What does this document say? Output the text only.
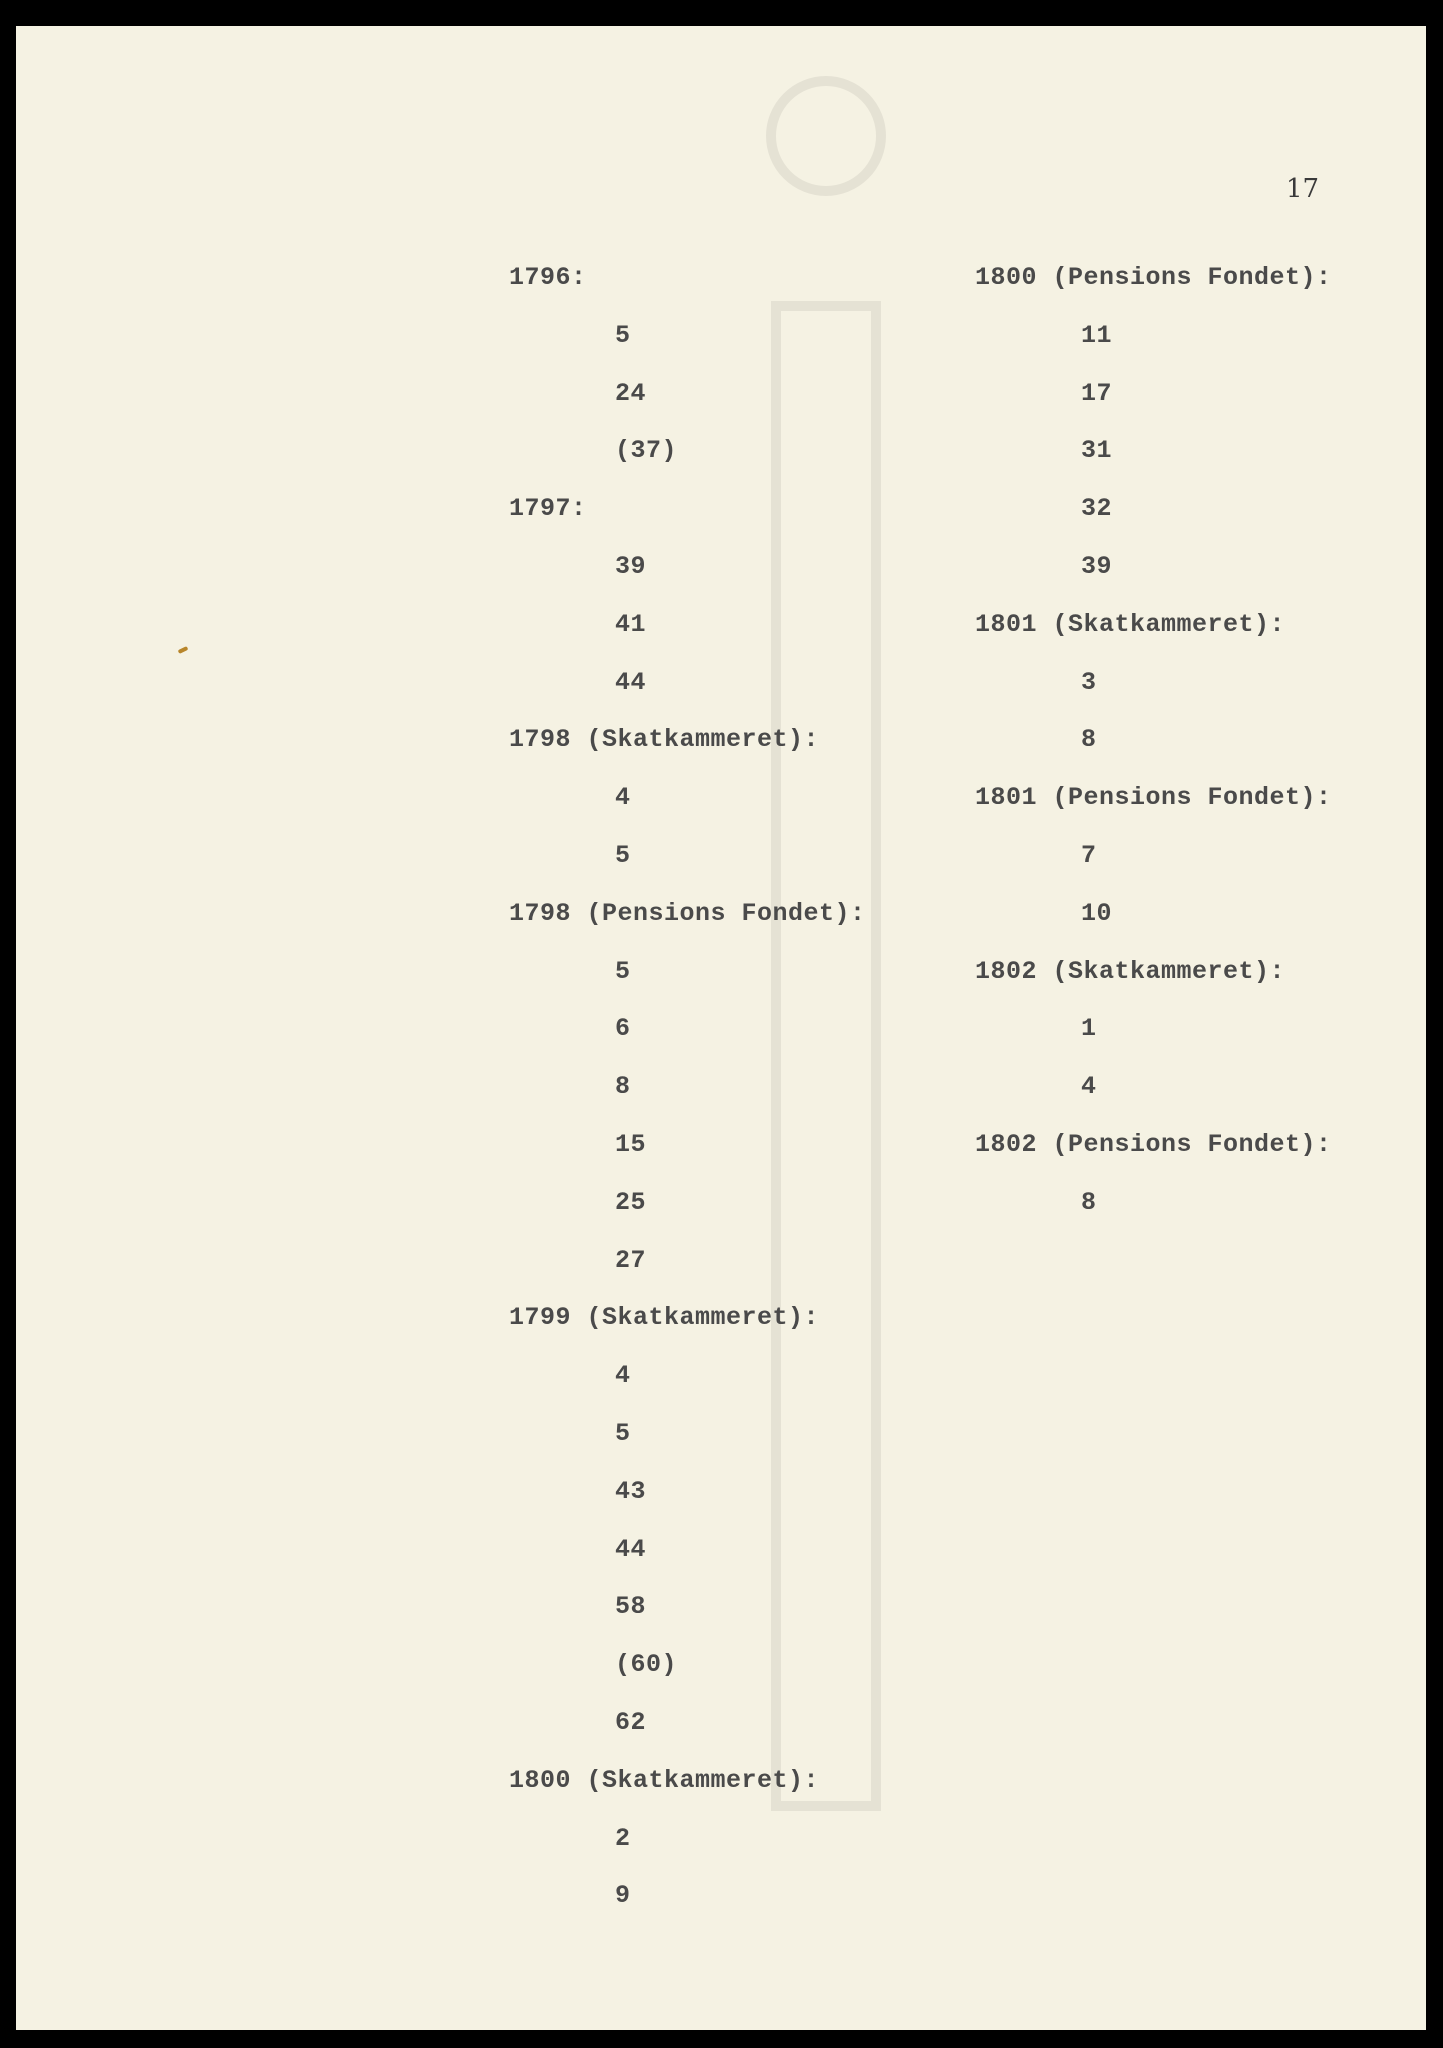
17
1796:
5
24
(37)
1797:
39
41
44
1798 (Skatkammeret):
4
5
1798 (Pensions Fondet):
5
6
8
15
25
27
1799 (Skatkammeret):
4
5
43
44
58
(60)
62
1800 (Skatkammeret):
2
9
1800 (Pensions Fondet):
11
17
31
32
39
1801 (Skatkammeret):
3
8
1801 (Pensions Fondet):
7
10
1802 (Skatkammeret):
1
4
1802 (Pensions Fondet):
8
